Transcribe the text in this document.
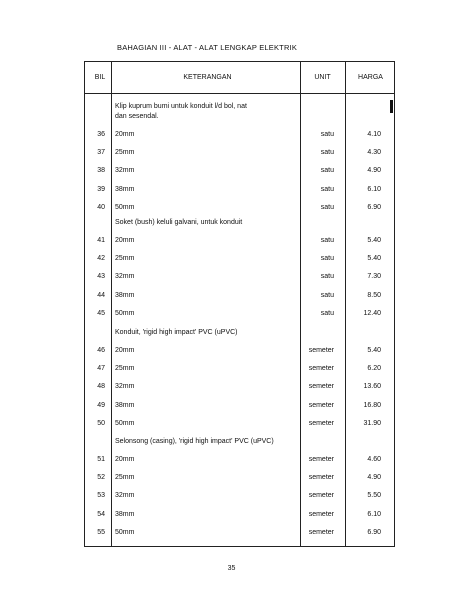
BAHAGIAN III - ALAT - ALAT LENGKAP ELEKTRIK
BIL	KETERANGAN	UNIT	HARGA
Klip kuprum bumi untuk konduit l/d bol, nat
dan sesendal.
36 20mm	satu	4.10
37 25mm	satu	4.30
38 32mm	satu	4.90
39 38mm	satu	6.10
40 50mm	satu	6.90
Soket (bush) keluli galvani, untuk konduit
41 20mm	satu	5.40
42 25mm	satu	5.40
43 32mm	satu	7.30
44 38mm	satu	8.50
45 50mm	satu	12.40
Konduit, 'rigid high impact' PVC (uPVC)
46 20mm	semeter	5.40
47 25mm	semeter	6.20
48 32mm	semeter	13.60
49 38mm	semeter	16.80
50 50mm	semeter	31.90
Selonsong (casing), 'rigid high impact' PVC (uPVC)
51 20mm	semeter	4.60
52 25mm	semeter	4.90
53 32mm	semeter	5.50
54 38mm	semeter	6.10
55 50mm	semeter	6.90
35
